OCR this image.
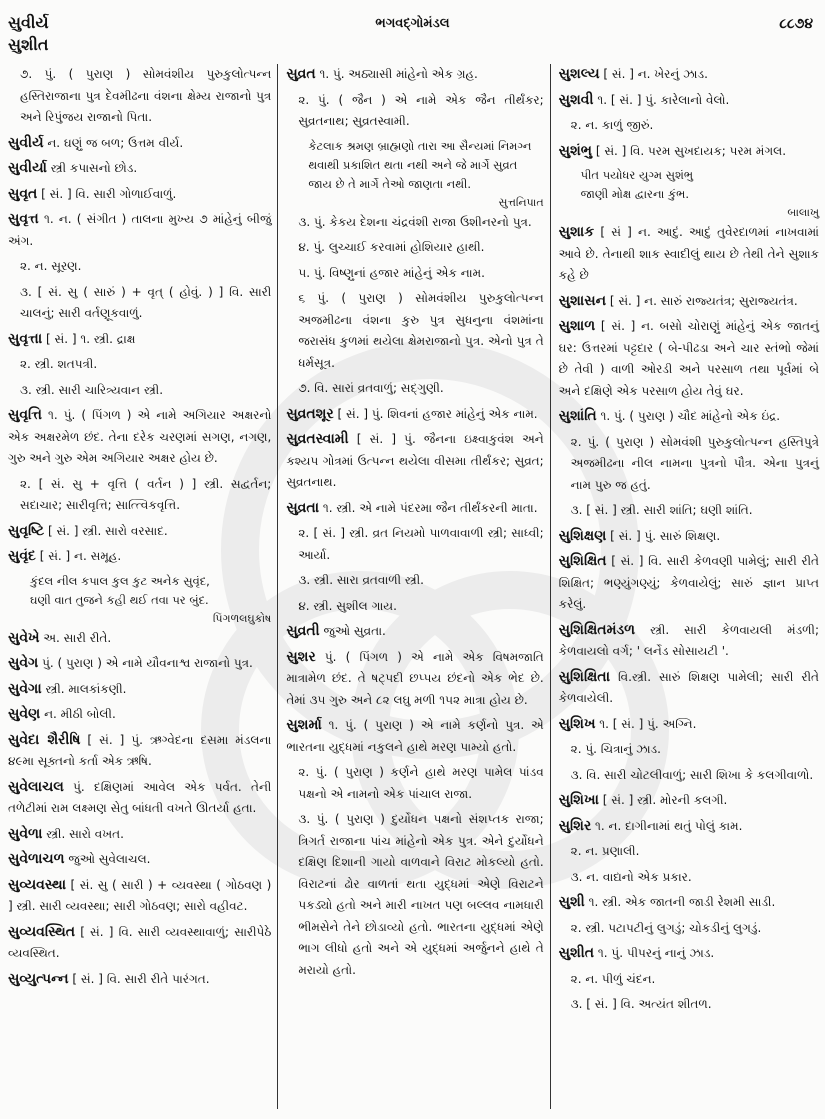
સુવીર્ય
સુશીત
ભગવદ્ગોમંડલ	૮૮૭૪
૭. પું. ( પુરાણ ) સોમવંશીય પુરુકુલોત્પન્ન હસ્તિરાજાના પુત્ર દેવમીઢના વંશના ક્ષેમ્ય રાજાનો પુત્ર અને રિપુંજય રાજાનો પિતા.
સુવીર્ય ન. ઘણું જ બળ; ઉત્તમ વીર્ય.
સુવીર્યા સ્ત્રી કપાસનો છોડ.
સુવૃત [ સં. ] વિ. સારી ગોળાઈવાળું.
સુવૃત્ત ૧. ન. ( સંગીત ) તાલના મુખ્ય ૭ માંહેનું બીજું અંગ.
૨. ન. સૂરણ.
૩. [ સં. સુ ( સારું ) + વૃત્ ( હોવું. ) ] વિ. સારી ચાલનું; સારી વર્તણૂકવાળું.
સુવૃત્તા [ સં. ] ૧. સ્ત્રી. દ્રાક્ષ
૨. સ્ત્રી. શતપત્રી.
૩. સ્ત્રી. સારી ચારિત્ર્યવાન સ્ત્રી.
સુવૃત્તિ ૧. પું. ( પિંગળ ) એ નામે અગિયાર અક્ષરનો એક અક્ષરમેળ છંદ. તેના દરેક ચરણમાં સગણ, નગણ, ગુરુ અને ગુરુ એમ અગિયાર અક્ષર હોય છે.
૨. [ સં. સુ + વૃત્તિ ( વર્તન ) ] સ્ત્રી. સદ્વર્તન; સદાચાર; સારીવૃત્તિ; સાત્ત્વિકવૃત્તિ.
સુવૃષ્ટિ [ સં. ] સ્ત્રી. સારો વરસાદ.
સુવૃંદ [ સં. ] ન. સમૂહ.
કુંદલ નીલ કપાલ કુલ કુટ અનેક સુવૃંદ,
ઘણી વાત તુજને કહી થઈ તવા પર બુંદ.
પિંગળલઘુકોષ
સુવેખે અ. સારી રીતે.
સુવેગ પું. ( પુરાણ ) એ નામે યૌવનાશ્વ રાજાનો પુત્ર.
સુવેગા સ્ત્રી. માલકાંકણી.
સુવેણ ન. મીઠી બોલી.
સુવેદા શૈરીષિ [ સં. ] પું. ઋગ્વેદના દસમા મંડલના ૪૯મા સૂક્તનો કર્તા એક ઋષિ.
સુવેલાચલ પું. દક્ષિણમાં આવેલ એક પર્વત. તેની તળેટીમાં રામ લક્ષ્મણ સેતુ બાંધતી વખતે ઊતર્યા હતા.
સુવેળા સ્ત્રી. સારો વખત.
સુવેળાચળ જુઓ સુવેલાચલ.
સુવ્યવસ્થા [ સં. સુ ( સારી ) + વ્યવસ્થા ( ગોઠવણ ) ] સ્ત્રી. સારી વ્યવસ્થા; સારી ગોઠવણ; સારો વહીવટ.
સુવ્યવસ્થિત [ સં. ] વિ. સારી વ્યવસ્થાવાળું; સારીપેઠે વ્યવસ્થિત.
સુવ્યુત્પન્ન [ સં. ] વિ. સારી રીતે પારંગત.
સુવ્રત ૧. પું. અઠ્યાસી માંહેનો એક ગ્રહ.
૨. પું. ( જૈન ) એ નામે એક જૈન તીર્થંકર; સુવ્રતનાથ; સુવ્રતસ્વામી.
કેટલાક શ્રમણ બ્રાહ્મણો તારા આ સૈન્યમાં નિમગ્ન થવાથી પ્રકાશિત થતા નથી અને જે માર્ગે સુવ્રત જાય છે તે માર્ગે તેઓ જાણતા નથી.
સુત્તનિપાત
૩. પું. કેકય દેશના ચંદ્રવંશી રાજા ઉશીનરનો પુત્ર.
૪. પું. લુચ્ચાઈ કરવામાં હોશિયાર હાથી.
૫. પું. વિષ્ણુનાં હજાર માંહેનું એક નામ.
૬ પું. ( પુરાણ ) સોમવંશીય પુરુકુલોત્પન્ન અજમીઢના વંશના કુરુ પુત્ર સુધનુના વંશમાંના જરાસંધ કુળમાં થયેલા ક્ષેમરાજાનો પુત્ર. એનો પુત્ર તે ધર્મસૂત્ર.
૭. વિ. સારાં વ્રતવાળું; સદ્ગુણી.
સુવ્રતશૂર [ સં. ] પું. શિવનાં હજાર માંહેનું એક નામ.
સુવ્રતસ્વામી [ સં. ] પું. જૈનના ઇક્ષ્વાકુવંશ અને કશ્યપ ગોત્રમાં ઉત્પન્ન થયેલા વીસમા તીર્થંકર; સુવ્રત; સુવ્રતનાથ.
સુવ્રતા ૧. સ્ત્રી. એ નામે પંદરમા જૈન તીર્થંકરની માતા.
૨. [ સં. ] સ્ત્રી. વ્રત નિયમો પાળવાવાળી સ્ત્રી; સાધ્વી; આર્યા.
૩. સ્ત્રી. સારા વ્રતવાળી સ્ત્રી.
૪. સ્ત્રી. સુશીલ ગાય.
સુવ્રતી જુઓ સુવ્રતા.
સુશર પું. ( પિંગળ ) એ નામે એક વિષમજાતિ માત્રામેળ છંદ. તે ષટ્પદી છપ્પય છંદનો એક ભેદ છે. તેમાં ૩૫ ગુરુ અને ૮૨ લઘુ મળી ૧૫૨ માત્રા હોય છે.
સુશર્મા ૧. પું. ( પુરાણ ) એ નામે કર્ણનો પુત્ર. એ ભારતના યુદ્ધમાં નકુલને હાથે મરણ પામ્યો હતો.
૨. પું. ( પુરાણ ) કર્ણને હાથે મરણ પામેલ પાંડવ પક્ષનો એ નામનો એક પાંચાલ રાજા.
૩. પું. ( પુરાણ ) દુર્યોધન પક્ષનો સંશપ્તક રાજા; ત્રિગર્ત રાજાના પાંચ માંહેનો એક પુત્ર. એને દુર્યોધને દક્ષિણ દિશાની ગાયો વાળવાને વિરાટ મોકલ્યો હતો. વિરાટનાં ઢોર વાળતાં થતા યુદ્ધમાં એણે વિરાટને પકડ્યો હતો અને મારી નાખત પણ બલ્લવ નામધારી ભીમસેને તેને છોડાવ્યો હતો. ભારતના યુદ્ધમાં એણે ભાગ લીધો હતો અને એ યુદ્ધમાં અર્જુનને હાથે તે મરાયો હતો.
સુશલ્ય [ સં. ] ન. ખેરનું ઝાડ.
સુશવી ૧. [ સં. ] પું. કારેલાનો વેલો.
૨. ન. કાળું જીરું.
સુશંભુ [ સં. ] વિ. પરમ સુખદાયક; પરમ મંગલ.
પીત પયોધર યુગ્મ સુશંભુ
જાણી મોક્ષ દ્વારના કુંભ.
બાલાખુ
સુશાક [ સં ] ન. આદું. આદું તુવેરદાળમાં નાખવામાં આવે છે. તેનાથી શાક સ્વાદીલું થાય છે તેથી તેને સુશાક કહે છે
સુશાસન [ સં. ] ન. સારું રાજ્યતંત્ર; સુરાજ્યતંત્ર.
સુશાળ [ સં. ] ન. બસો ચોરાણું માંહેનું એક જાતનું ઘર: ઉત્તરમાં પટ્ટદાર ( બે-પીઢડા અને ચાર સ્તંભો જેમાં છે તેવી ) વાળી ઓરડી અને પરસાળ તથા પૂર્વમાં બે અને દક્ષિણે એક પરસાળ હોય તેવું ઘર.
સુશાંતિ ૧. પું. ( પુરાણ ) ચૌદ માંહેનો એક ઇંદ્ર.
૨. પું. ( પુરાણ ) સોમવંશી પુરુકુલોત્પન્ન હસ્તિપુત્રે અજમીઢના નીલ નામના પુત્રનો પૌત્ર. એના પુત્રનું નામ પુરુ જ હતું.
૩. [ સં. ] સ્ત્રી. સારી શાંતિ; ઘણી શાંતિ.
સુશિક્ષણ [ સં. ] પું. સારું શિક્ષણ.
સુશિક્ષિત [ સં. ] વિ. સારી કેળવણી પામેલું; સારી રીતે શિક્ષિત; ભણ્યુંગણ્યું; કેળવાયેલું; સારું જ્ઞાન પ્રાપ્ત કરેલું.
સુશિક્ષિતમંડળ સ્ત્રી. સારી કેળવાયલી મંડળી; કેળવાયલો વર્ગ; ' લર્નેડ સોસાયટી '.
સુશિક્ષિતા વિ.સ્ત્રી. સારું શિક્ષણ પામેલી; સારી રીતે કેળવાયેલી.
સુશિખ ૧. [ સં. ] પું. અગ્નિ.
૨. પું. ચિત્રાનું ઝાડ.
૩. વિ. સારી ચોટલીવાળું; સારી શિખા કે કલગીવાળો.
સુશિખા [ સં. ] સ્ત્રી. મોરની કલગી.
સુશિર ૧. ન. દાગીનામાં થતું પોલું કામ.
૨. ન. પ્રણાલી.
૩. ન. વાદ્યનો એક પ્રકાર.
સુશી ૧. સ્ત્રી. એક જાતની જાડી રેશમી સાડી.
૨. સ્ત્રી. પટાપટીનું લુગડું; ચોકડીનું લુગડું.
સુશીત ૧. પું. પીપરનું નાનું ઝાડ.
૨. ન. પીળું ચંદન.
૩. [ સં. ] વિ. અત્યંત શીતળ.
